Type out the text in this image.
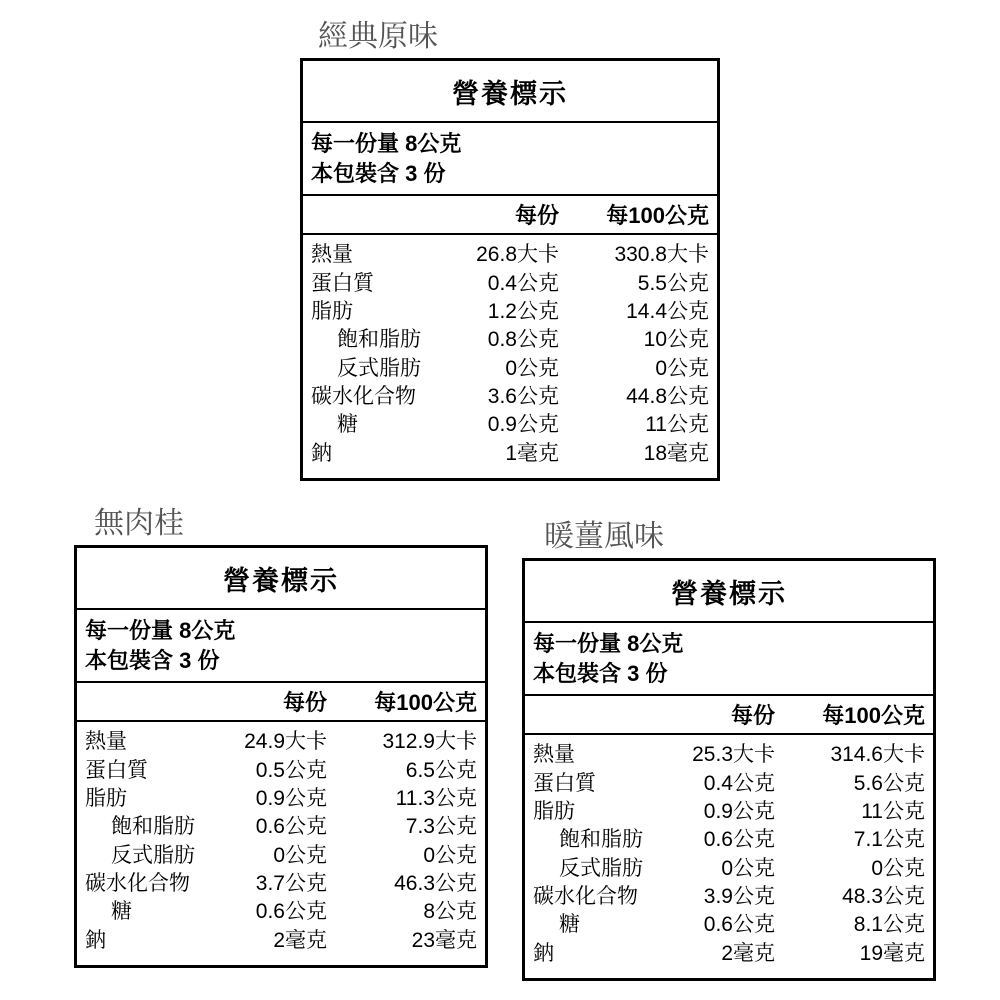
經典原味
營養標示
每一份量 8公克
本包裝含 3 份
每份	每100公克
熱量	26.8大卡	330.8大卡
蛋白質	0.4公克	5.5公克
脂肪	1.2公克	14.4公克
飽和脂肪	0.8公克	10公克
反式脂肪	0公克	0公克
碳水化合物	3.6公克	44.8公克
糖	0.9公克	11公克
鈉	1毫克	18毫克
無肉桂
營養標示
每一份量 8公克
本包裝含 3 份
每份	每100公克
熱量	24.9大卡	312.9大卡
蛋白質	0.5公克	6.5公克
脂肪	0.9公克	11.3公克
飽和脂肪	0.6公克	7.3公克
反式脂肪	0公克	0公克
碳水化合物	3.7公克	46.3公克
糖	0.6公克	8公克
鈉	2毫克	23毫克
暖薑風味
營養標示
每一份量 8公克
本包裝含 3 份
每份	每100公克
熱量	25.3大卡	314.6大卡
蛋白質	0.4公克	5.6公克
脂肪	0.9公克	11公克
飽和脂肪	0.6公克	7.1公克
反式脂肪	0公克	0公克
碳水化合物	3.9公克	48.3公克
糖	0.6公克	8.1公克
鈉	2毫克	19毫克
